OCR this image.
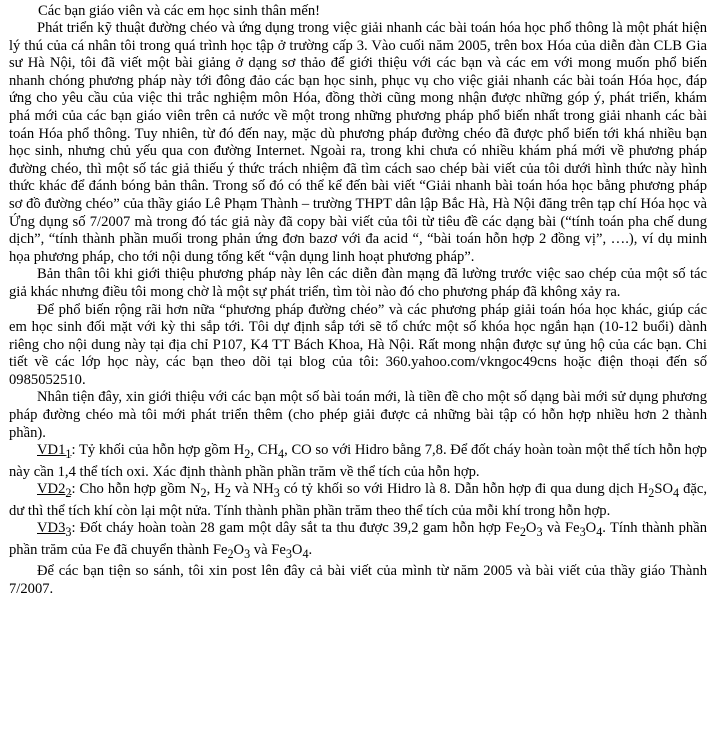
Các bạn giáo viên và các em học sinh thân mến!

Phát triển kỹ thuật đường chéo và ứng dụng trong việc giải nhanh các bài toán hóa học phổ thông là một phát hiện lý thú của cá nhân tôi trong quá trình học tập ở trường cấp 3. Vào cuối năm 2005, trên box Hóa của diễn đàn CLB Gia sư Hà Nội, tôi đã viết một bài giảng ở dạng sơ thảo để giới thiệu với các bạn và các em với mong muốn phổ biến nhanh chóng phương pháp này tới đông đảo các bạn học sinh, phục vụ cho việc giải nhanh các bài toán Hóa học, đáp ứng cho yêu cầu của việc thi trắc nghiệm môn Hóa, đồng thời cũng mong nhận được những góp ý, phát triển, khám phá mới của các bạn giáo viên trên cả nước về một trong những phương pháp phổ biến nhất trong giải nhanh các bài toán Hóa phổ thông. Tuy nhiên, từ đó đến nay, mặc dù phương pháp đường chéo đã được phổ biến tới khá nhiều bạn học sinh, nhưng chủ yếu qua con đường Internet. Ngoài ra, trong khi chưa có nhiều khám phá mới về phương pháp đường chéo, thì một số tác giả thiếu ý thức trách nhiệm đã tìm cách sao chép bài viết của tôi dưới hình thức này hình thức khác để đánh bóng bản thân. Trong số đó có thể kể đến bài viết “Giải nhanh bài toán hóa học bằng phương pháp sơ đồ đường chéo” của thầy giáo Lê Phạm Thành – trường THPT dân lập Bắc Hà, Hà Nội đăng trên tạp chí Hóa học và Ứng dụng số 7/2007 mà trong đó tác giả này đã copy bài viết của tôi từ tiêu đề các dạng bài (“tính toán pha chế dung dịch”, “tính thành phần muối trong phản ứng đơn bazơ với đa acid “, “bài toán hỗn hợp 2 đồng vị”, ….), ví dụ minh họa phương pháp, cho tới nội dung tổng kết “vận dụng linh hoạt phương pháp”.

Bản thân tôi khi giới thiệu phương pháp này lên các diễn đàn mạng đã lường trước việc sao chép của một số tác giả khác nhưng điều tôi mong chờ là một sự phát triển, tìm tòi nào đó cho phương pháp đã không xảy ra.

Để phổ biến rộng rãi hơn nữa “phương pháp đường chéo” và các phương pháp giải toán hóa học khác, giúp các em học sinh đối mặt với kỳ thi sắp tới. Tôi dự định sắp tới sẽ tổ chức một số khóa học ngắn hạn (10-12 buổi) dành riêng cho nội dung này tại địa chỉ P107, K4 TT Bách Khoa, Hà Nội. Rất mong nhận được sự ủng hộ của các bạn. Chi tiết về các lớp học này, các bạn theo dõi tại blog của tôi: 360.yahoo.com/vkngoc49cns hoặc điện thoại đến số 0985052510.

Nhân tiện đây, xin giới thiệu với các bạn một số bài toán mới, là tiền đề cho một số dạng bài mới sử dụng phương pháp đường chéo mà tôi mới phát triển thêm (cho phép giải được cả những bài tập có hỗn hợp nhiều hơn 2 thành phần).

$VD1_1$: Tỷ khối của hỗn hợp gồm $H_2$, $CH_4$, CO so với Hidro bằng 7,8. Để đốt cháy hoàn toàn một thể tích hỗn hợp này cần 1,4 thể tích oxi. Xác định thành phần phần trăm về thể tích của hỗn hợp.

$VD2_2$: Cho hỗn hợp gồm $N_2$, $H_2$ và $NH_3$ có tỷ khối so với Hidro là 8. Dẫn hỗn hợp đi qua dung dịch $H_2SO_4$ đặc, dư thì thể tích khí còn lại một nửa. Tính thành phần phần trăm theo thể tích của mỗi khí trong hỗn hợp.

$VD3_3$: Đốt cháy hoàn toàn 28 gam một dây sắt ta thu được 39,2 gam hỗn hợp $Fe_2O_3$ và $Fe_3O_4$. Tính thành phần phần trăm của Fe đã chuyển thành $Fe_2O_3$ và $Fe_3O_4$.

Để các bạn tiện so sánh, tôi xin post lên đây cả bài viết của mình từ năm 2005 và bài viết của thầy giáo Thành 7/2007.
